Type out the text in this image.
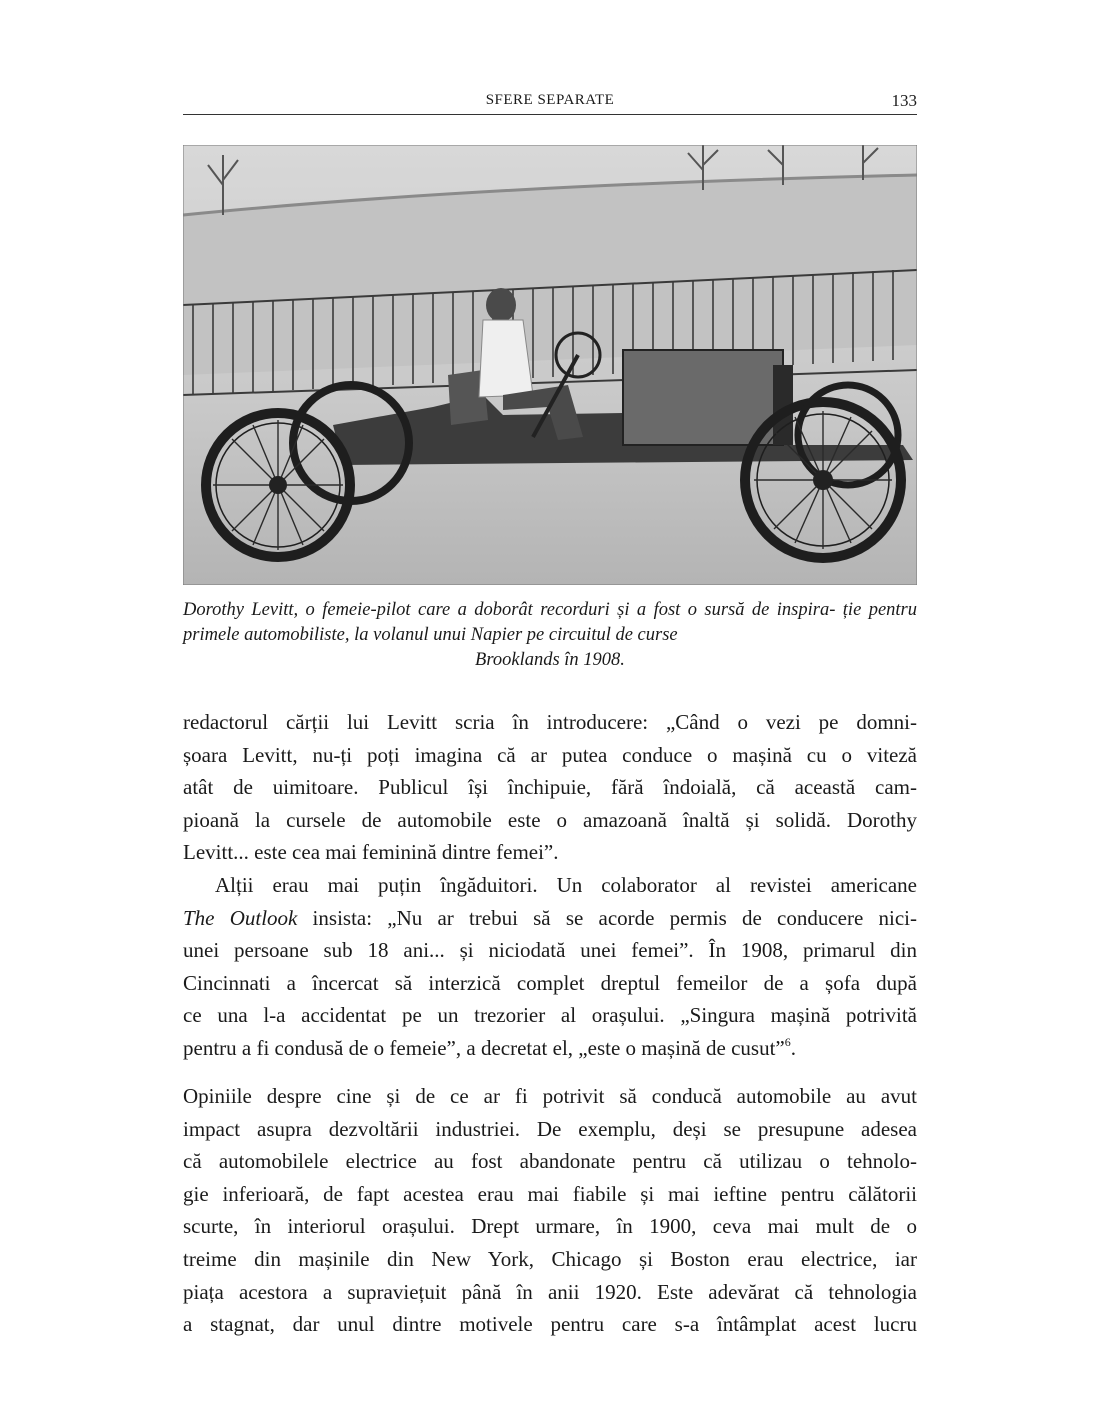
SFERE SEPARATE	133
Dorothy Levitt, o femeie-pilot care a doborât recorduri și a fost o sursă de inspira- ție pentru primele automobiliste, la volanul unui Napier pe circuitul de curse
Brooklands în 1908.
redactorul cărții lui Levitt scria în introducere: „Când o vezi pe domni-
șoara Levitt, nu-ți poți imagina că ar putea conduce o mașină cu o viteză
atât de uimitoare. Publicul își închipuie, fără îndoială, că această cam-
pioană la cursele de automobile este o amazoană înaltă și solidă. Dorothy
Levitt... este cea mai feminină dintre femei”.
Alții erau mai puțin îngăduitori. Un colaborator al revistei americane
The Outlook insista: „Nu ar trebui să se acorde permis de conducere nici-
unei persoane sub 18 ani... și niciodată unei femei”. În 1908, primarul din
Cincinnati a încercat să interzică complet dreptul femeilor de a șofa după
ce una l-a accidentat pe un trezorier al orașului. „Singura mașină potrivită
pentru a fi condusă de o femeie”, a decretat el, „este o mașină de cusut”$^6$.
Opiniile despre cine și de ce ar fi potrivit să conducă automobile au avut
impact asupra dezvoltării industriei. De exemplu, deși se presupune adesea
că automobilele electrice au fost abandonate pentru că utilizau o tehnolo-
gie inferioară, de fapt acestea erau mai fiabile și mai ieftine pentru călătorii
scurte, în interiorul orașului. Drept urmare, în 1900, ceva mai mult de o
treime din mașinile din New York, Chicago și Boston erau electrice, iar
piața acestora a supraviețuit până în anii 1920. Este adevărat că tehnologia
a stagnat, dar unul dintre motivele pentru care s-a întâmplat acest lucru
